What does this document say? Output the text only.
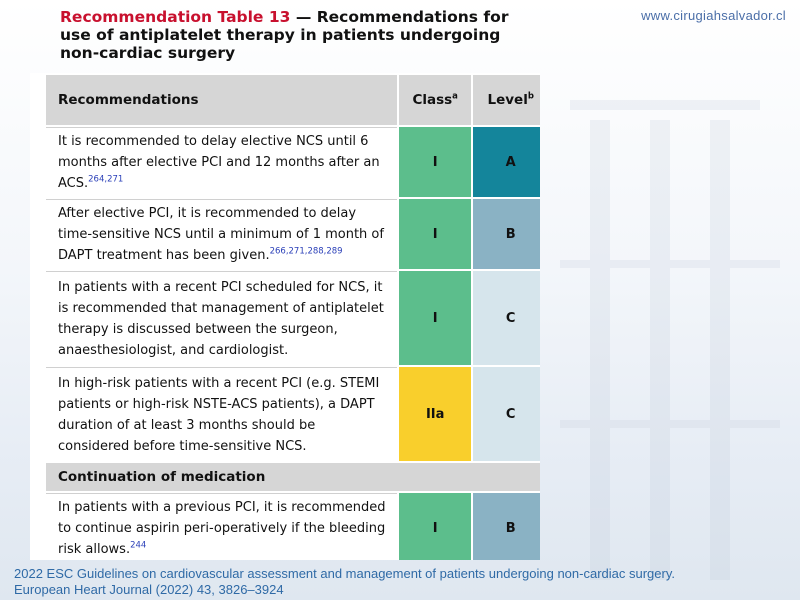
www.cirugiahsalvador.cl
Recommendation Table 13 — Recommendations for use of antiplatelet therapy in patients undergoing non-cardiac surgery
Recommendations	Class$^a$	Level$^b$
It is recommended to delay elective NCS until 6 months after elective PCI and 12 months after an ACS.$^{264,271}$	I	A
After elective PCI, it is recommended to delay time-sensitive NCS until a minimum of 1 month of DAPT treatment has been given.$^{266,271,288,289}$	I	B
In patients with a recent PCI scheduled for NCS, it is recommended that management of antiplatelet therapy is discussed between the surgeon, anaesthesiologist, and cardiologist.	I	C
In high-risk patients with a recent PCI (e.g. STEMI patients or high-risk NSTE-ACS patients), a DAPT duration of at least 3 months should be considered before time-sensitive NCS.	IIa	C
Continuation of medication		
In patients with a previous PCI, it is recommended to continue aspirin peri-operatively if the bleeding risk allows.$^{244}$	I	B
2022 ESC Guidelines on cardiovascular assessment and management of patients undergoing non-cardiac surgery.
European Heart Journal (2022) 43, 3826–3924
